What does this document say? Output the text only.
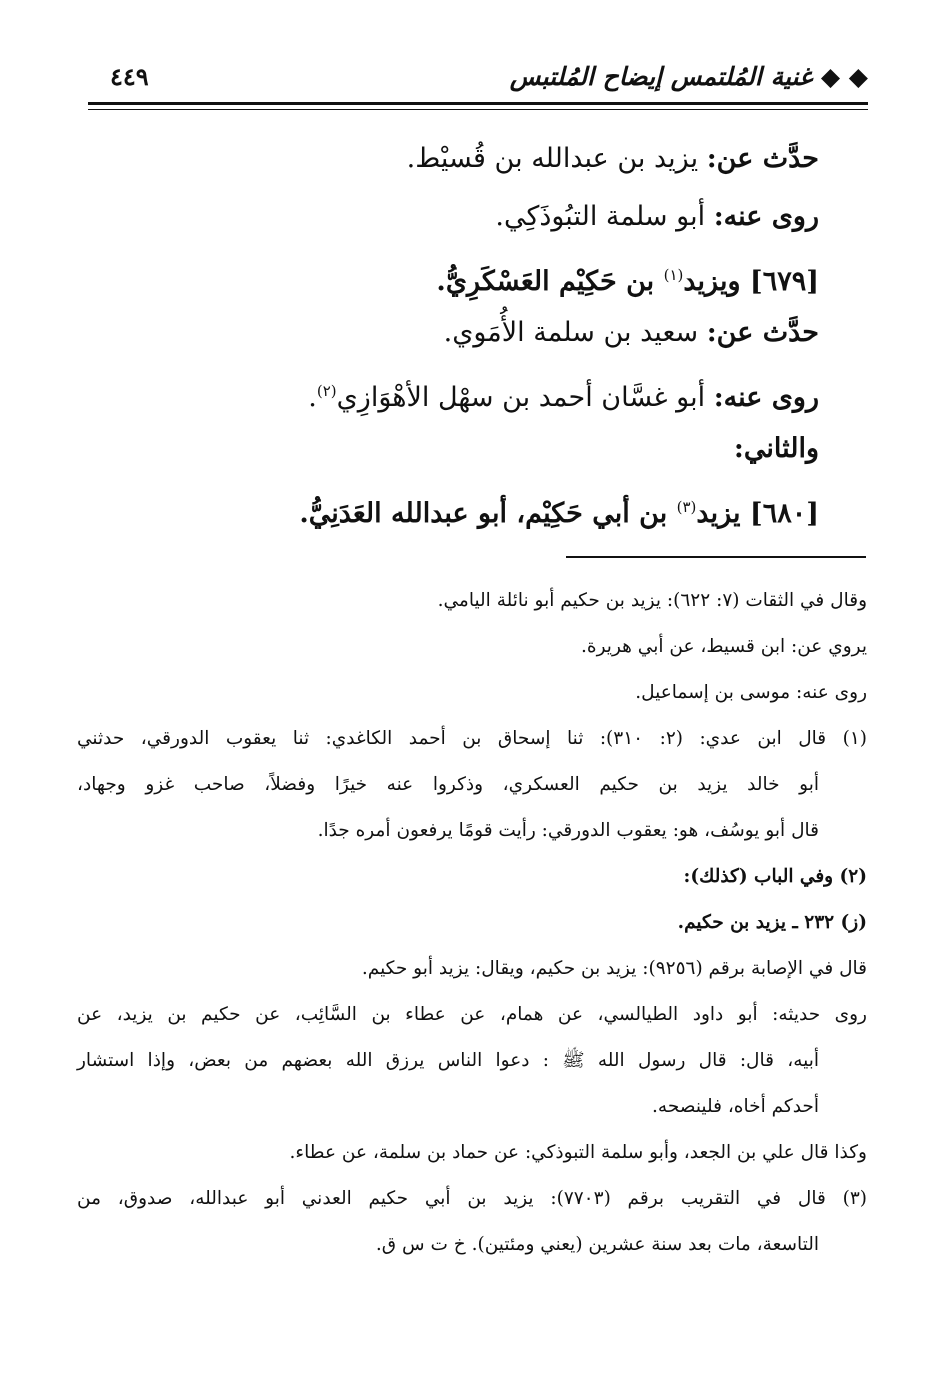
◆ ◆ غنية المُلتمس إيضاح المُلتبس
٤٤٩
حدَّث عن: يزيد بن عبدالله بن قُسيْط.
روى عنه: أبو سلمة التبُوذَكِي.
[٦٧٩] ويزيد$^{(١)}$ بن حَكِيْم العَسْكَرِيُّ.
حدَّث عن: سعيد بن سلمة الأُمَوي.
روى عنه: أبو غسَّان أحمد بن سهْل الأهْوَازِي$^{(٢)}$.
والثاني:
[٦٨٠] يزيد$^{(٣)}$ بن أبي حَكِيْم، أبو عبدالله العَدَنِيُّ.
وقال في الثقات (٧: ٦٢٢): يزيد بن حكيم أبو نائلة اليامي.
يروي عن: ابن قسيط، عن أبي هريرة.
روى عنه: موسى بن إسماعيل.
(١) قال ابن عدي: (٢: ٣١٠): ثنا إسحاق بن أحمد الكاغدي: ثنا يعقوب الدورقي، حدثني
أبو خالد يزيد بن حكيم العسكري، وذكروا عنه خيرًا وفضلاً، صاحب غزو وجهاد،
قال أبو يوسُف، هو: يعقوب الدورقي: رأيت قومًا يرفعون أمره جدًا.
(٢) وفي الباب (كذلك):
(ز) ٢٣٢ ـ يزيد بن حكيم.
قال في الإصابة برقم (٩٢٥٦): يزيد بن حكيم، ويقال: يزيد أبو حكيم.
روى حديثه: أبو داود الطيالسي، عن همام، عن عطاء بن السَّائِب، عن حكيم بن يزيد، عن
أبيه، قال: قال رسول الله ﷺ : دعوا الناس يرزق الله بعضهم من بعض، وإذا استشار
أحدكم أخاه، فلينصحه.
وكذا قال علي بن الجعد، وأبو سلمة التبوذكي: عن حماد بن سلمة، عن عطاء.
(٣) قال في التقريب برقم (٧٧٠٣): يزيد بن أبي حكيم العدني أبو عبدالله، صدوق، من
التاسعة، مات بعد سنة عشرين (يعني ومئتين). خ ت س ق.
